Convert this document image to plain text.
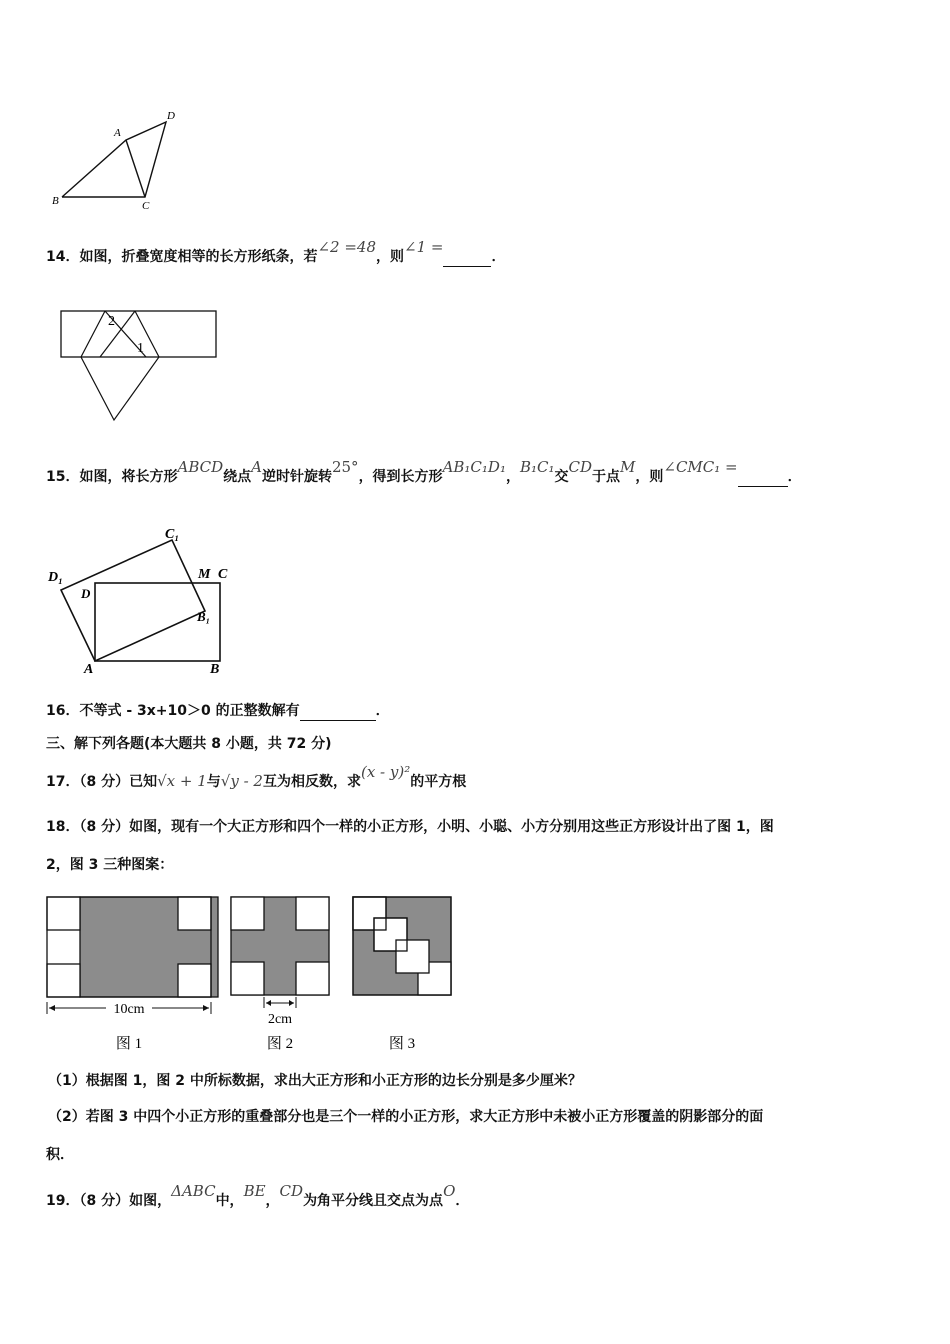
A
D
B	C
14．如图，折叠宽度相等的长方形纸条，若∠2 =48，则∠1 =．
2
1
15．如图，将长方形ABCD绕点A逆时针旋转25°，得到长方形AB₁C₁D₁，B₁C₁交CD于点M，则∠CMC₁ =．
C₁
D₁
D
M C
B₁
A	B
16．不等式 - 3x+10＞0 的正整数解有	．
三、解下列各题(本大题共 8 小题，共 72 分)
17．（8 分）已知√x + 1与√y - 2互为相反数，求(x - y)²的平方根
18．（8 分）如图，现有一个大正方形和四个一样的小正方形，小明、小聪、小方分别用这些正方形设计出了图 1，图
2，图 3 三种图案：
10cm
图 1
2cm
图 2	图 3
（1）根据图 1，图 2 中所标数据，求出大正方形和小正方形的边长分别是多少厘米？
（2）若图 3 中四个小正方形的重叠部分也是三个一样的小正方形，求大正方形中未被小正方形覆盖的阴影部分的面
积．
19．（8 分）如图，ΔABC中，BE，CD为角平分线且交点为点O．
